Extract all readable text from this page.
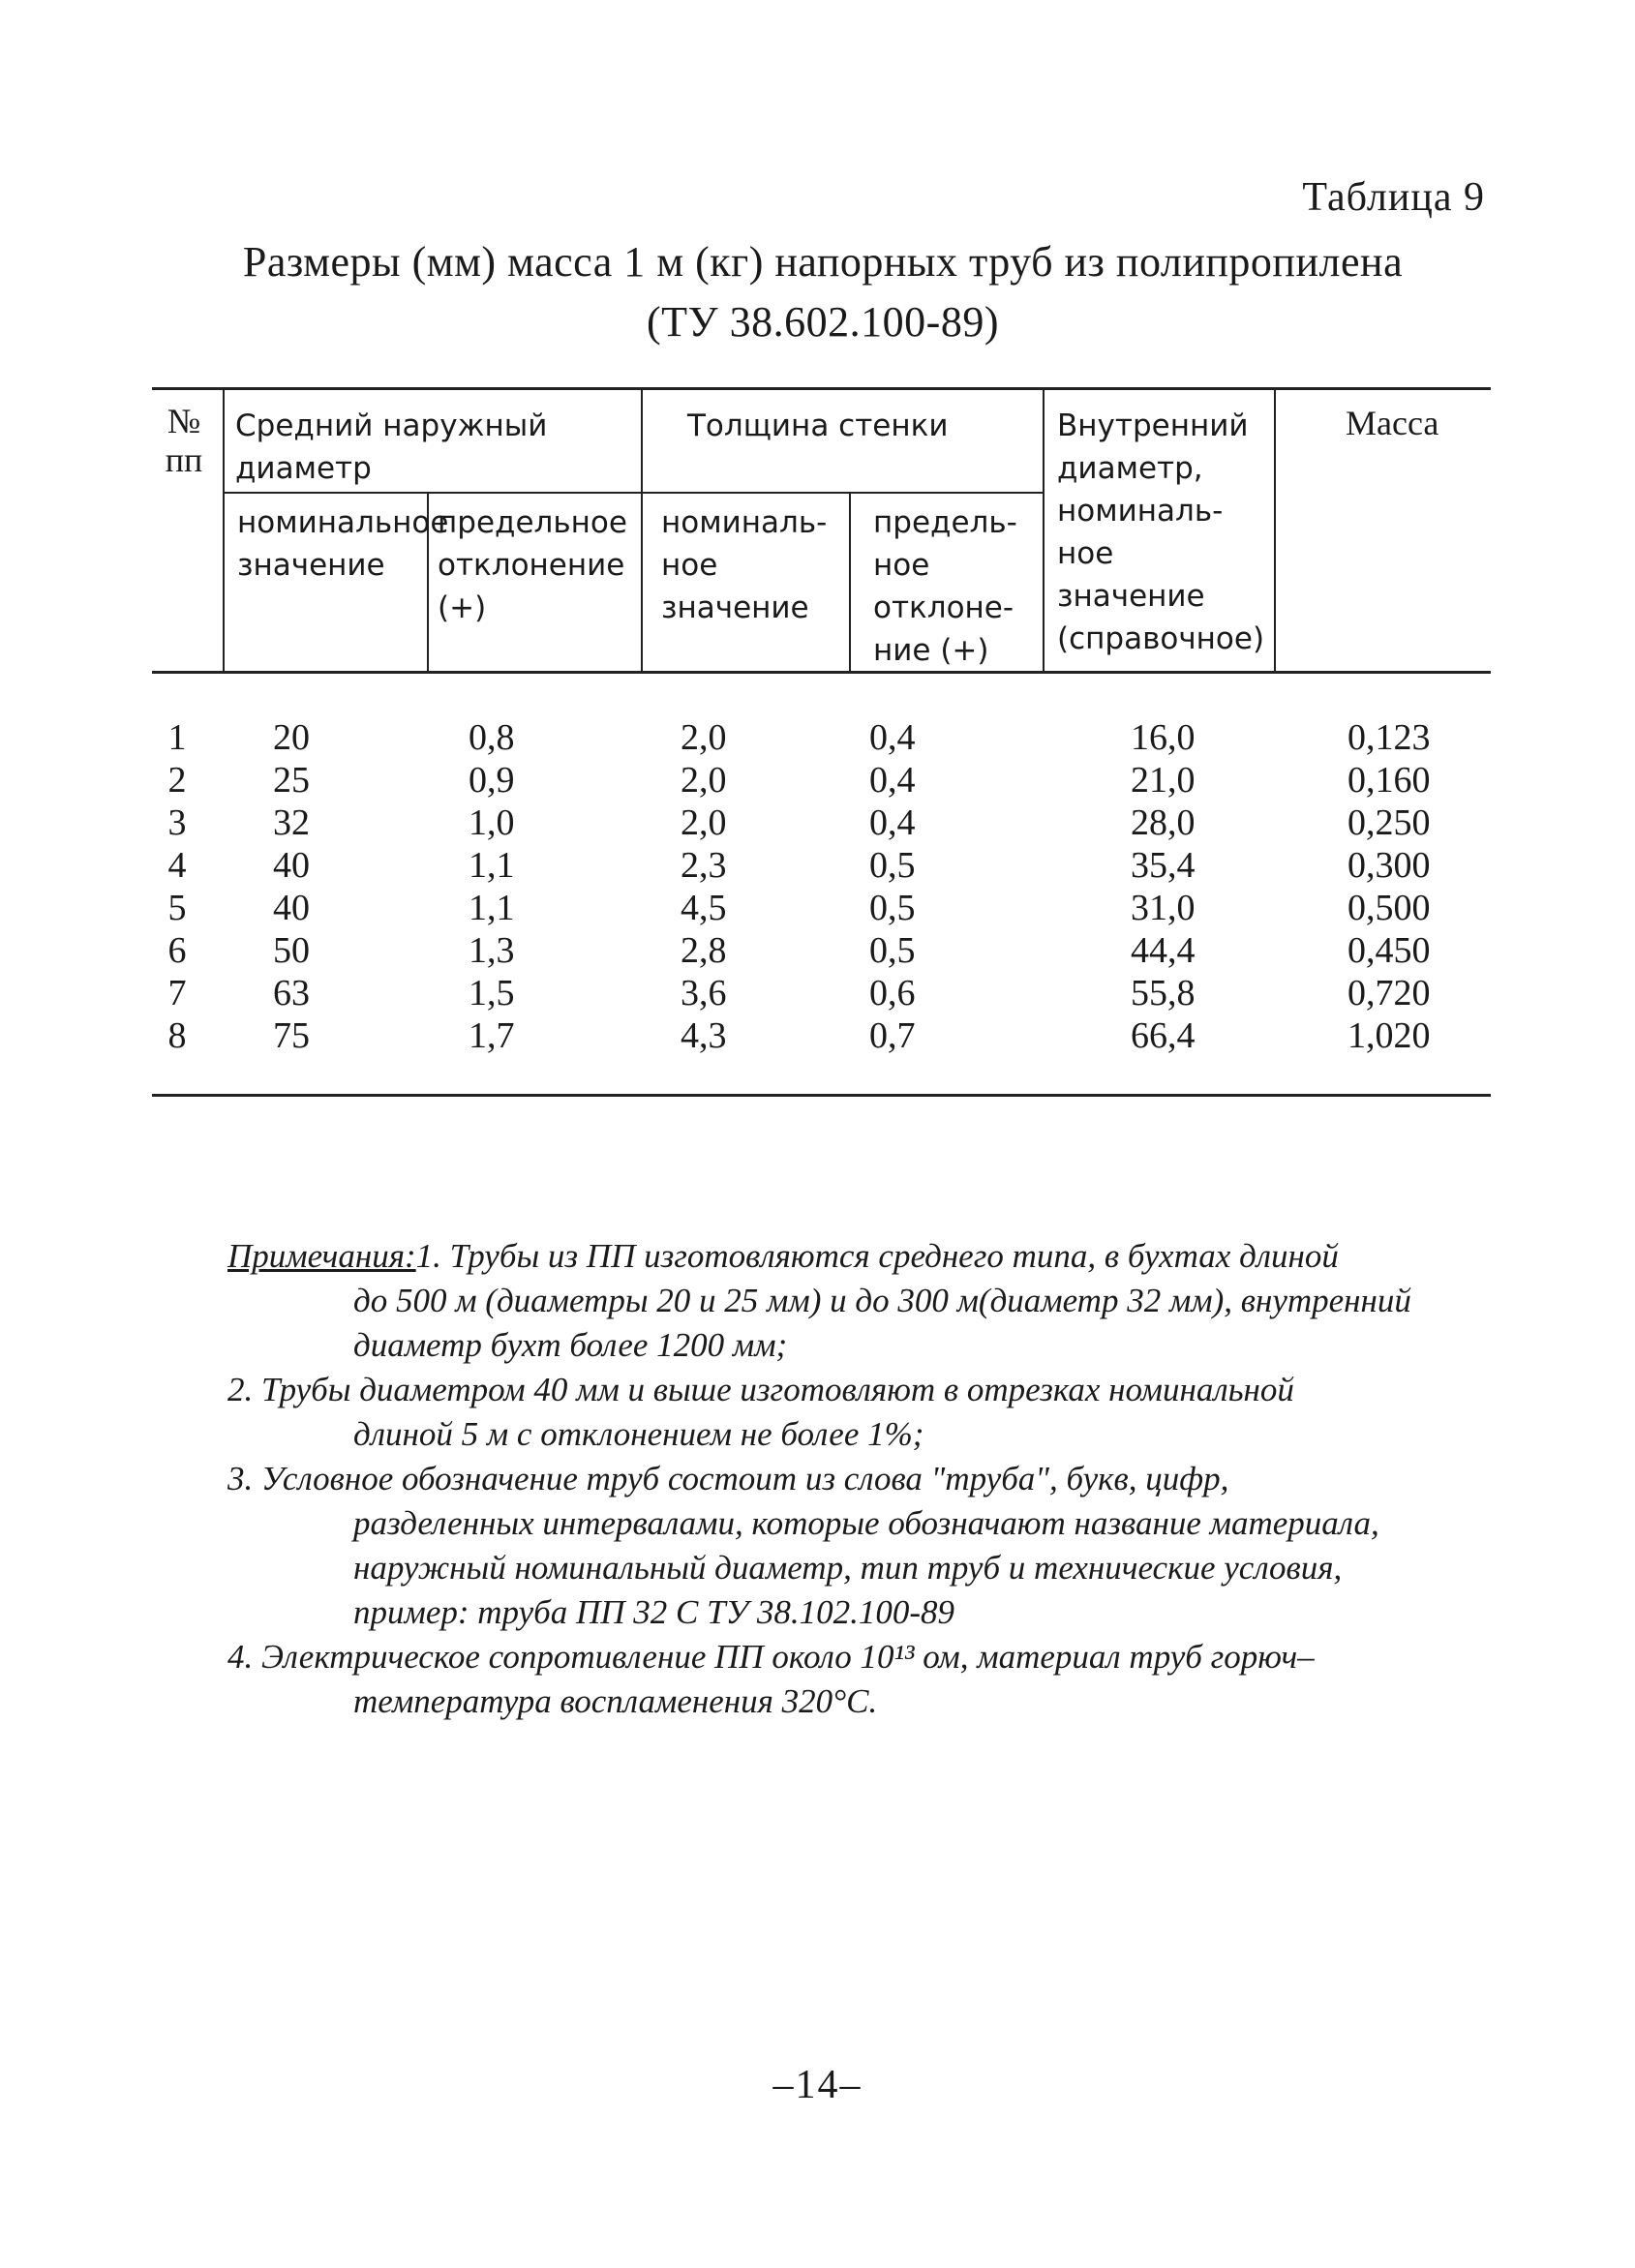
Таблица 9
Размеры (мм) масса 1 м (кг) напорных труб из полипропилена
(ТУ 38.602.100-89)
№
пп
Средний наружный
диаметр
Толщина стенки	Внутренний
диаметр,
номиналь-
ное
значение
(справочное)
Масса
номинальное
значение
предельное
отклонение
(+)
номиналь-
ное
значение
предель-
ное
отклоне-
ние (+)
1
2
3
4
5
6
7
8
20
25
32
40
40
50
63
75
0,8
0,9
1,0
1,1
1,1
1,3
1,5
1,7
2,0
2,0
2,0
2,3
4,5
2,8
3,6
4,3
0,4
0,4
0,4
0,5
0,5
0,5
0,6
0,7
16,0
21,0
28,0
35,4
31,0
44,4
55,8
66,4
0,123
0,160
0,250
0,300
0,500
0,450
0,720
1,020
Примечания:1. Трубы из ПП изготовляются среднего типа, в бухтах длиной
до 500 м (диаметры 20 и 25 мм) и до 300 м(диаметр 32 мм), внутренний
диаметр бухт более 1200 мм;
2. Трубы диаметром 40 мм и выше изготовляют в отрезках номинальной
длиной 5 м с отклонением не более 1%;
3. Условное обозначение труб состоит из слова "труба", букв, цифр,
разделенных интервалами, которые обозначают название материала,
наружный номинальный диаметр, тип труб и технические условия,
пример: труба ПП 32 С ТУ 38.102.100-89
4. Электрическое сопротивление ПП около 10¹³ ом, материал труб горюч–
температура воспламенения 320°С.
–14–
